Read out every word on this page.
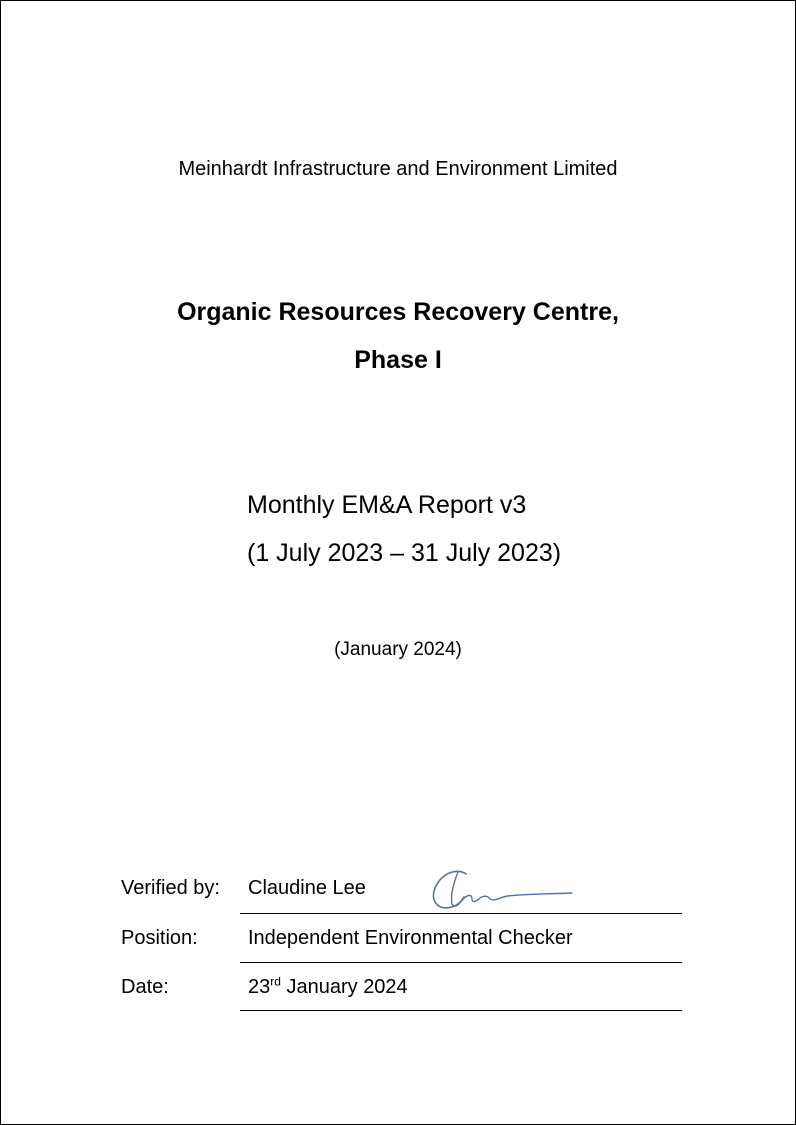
Meinhardt Infrastructure and Environment Limited
Organic Resources Recovery Centre,
Phase I
Monthly EM&A Report v3
(1 July 2023 – 31 July 2023)
(January 2024)
Verified by: Claudine Lee
Position:	Independent Environmental Checker
Date:	23rd January 2024
